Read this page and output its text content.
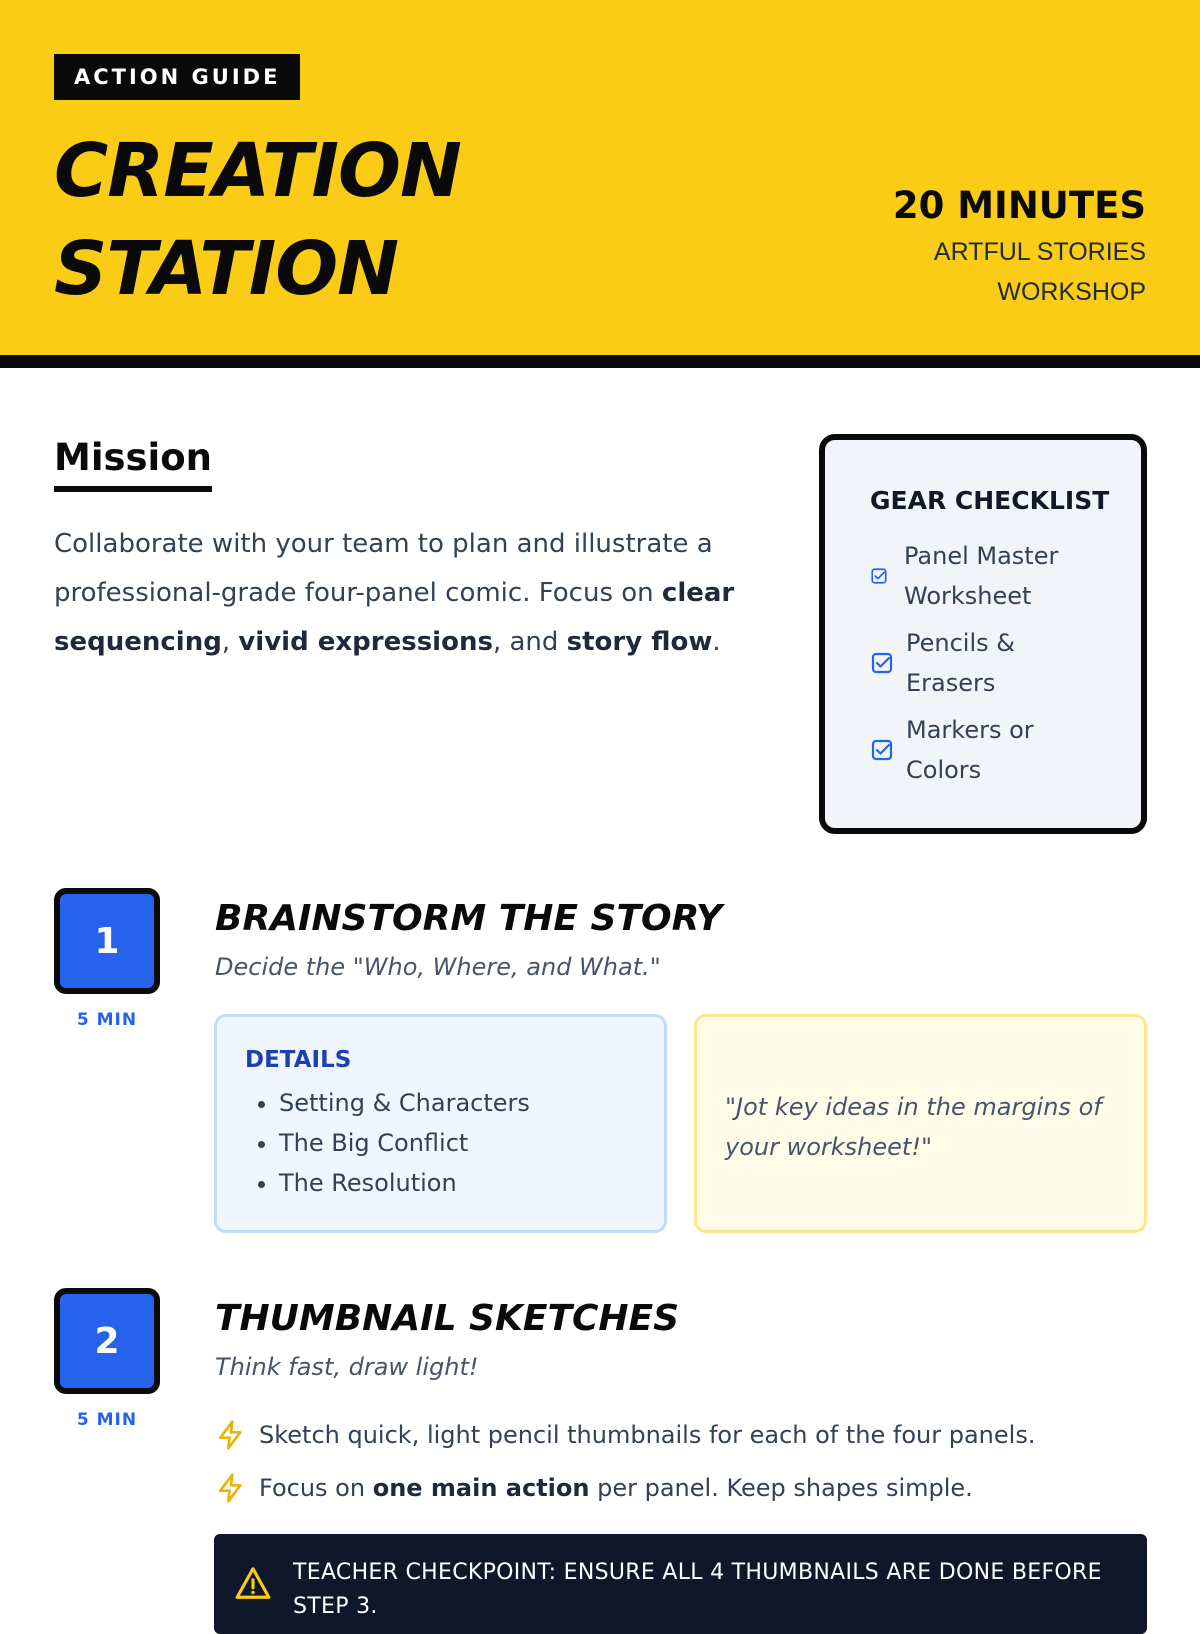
ACTION GUIDE
CREATION
STATION
20 MINUTES
ARTFUL STORIES
WORKSHOP
Mission

Collaborate with your team to plan and illustrate a professional-grade four-panel comic. Focus on clear sequencing, vivid expressions, and story flow.

GEAR CHECKLIST
Panel Master
Worksheet
Pencils &
Erasers
Markers or
Colors
1
5 MIN
BRAINSTORM THE STORY
Decide the "Who, Where, and What."
DETAILS
• Setting & Characters
• The Big Conflict
• The Resolution
"Jot key ideas in the margins of your worksheet!"
2
5 MIN
THUMBNAIL SKETCHES
Think fast, draw light!
Sketch quick, light pencil thumbnails for each of the four panels.
Focus on one main action per panel. Keep shapes simple.
TEACHER CHECKPOINT: ENSURE ALL 4 THUMBNAILS ARE DONE BEFORE STEP 3.
